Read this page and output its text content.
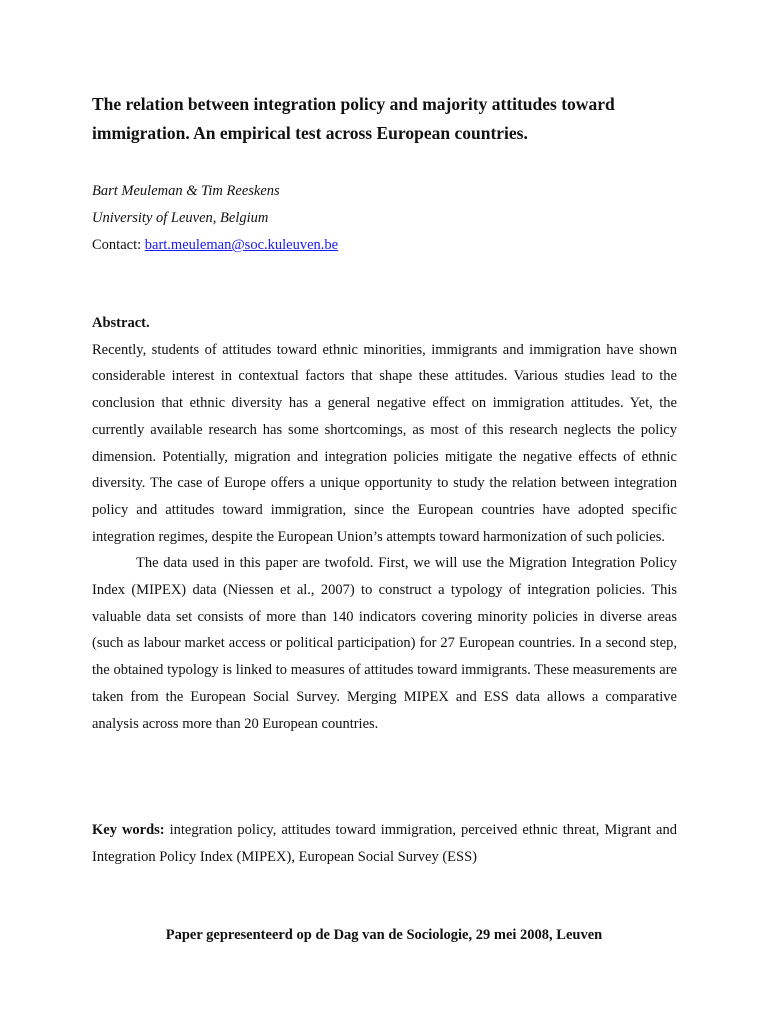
The relation between integration policy and majority attitudes toward immigration. An empirical test across European countries.
Bart Meuleman & Tim Reeskens
University of Leuven, Belgium
Contact: bart.meuleman@soc.kuleuven.be
Abstract.

Recently, students of attitudes toward ethnic minorities, immigrants and immigration have shown considerable interest in contextual factors that shape these attitudes. Various studies lead to the conclusion that ethnic diversity has a general negative effect on immigration attitudes. Yet, the currently available research has some shortcomings, as most of this research neglects the policy dimension. Potentially, migration and integration policies mitigate the negative effects of ethnic diversity. The case of Europe offers a unique opportunity to study the relation between integration policy and attitudes toward immigration, since the European countries have adopted specific integration regimes, despite the European Union’s attempts toward harmonization of such policies.

The data used in this paper are twofold. First, we will use the Migration Integration Policy Index (MIPEX) data (Niessen et al., 2007) to construct a typology of integration policies. This valuable data set consists of more than 140 indicators covering minority policies in diverse areas (such as labour market access or political participation) for 27 European countries. In a second step, the obtained typology is linked to measures of attitudes toward immigrants. These measurements are taken from the European Social Survey. Merging MIPEX and ESS data allows a comparative analysis across more than 20 European countries.

Key words: integration policy, attitudes toward immigration, perceived ethnic threat, Migrant and Integration Policy Index (MIPEX), European Social Survey (ESS)

Paper gepresenteerd op de Dag van de Sociologie, 29 mei 2008, Leuven
